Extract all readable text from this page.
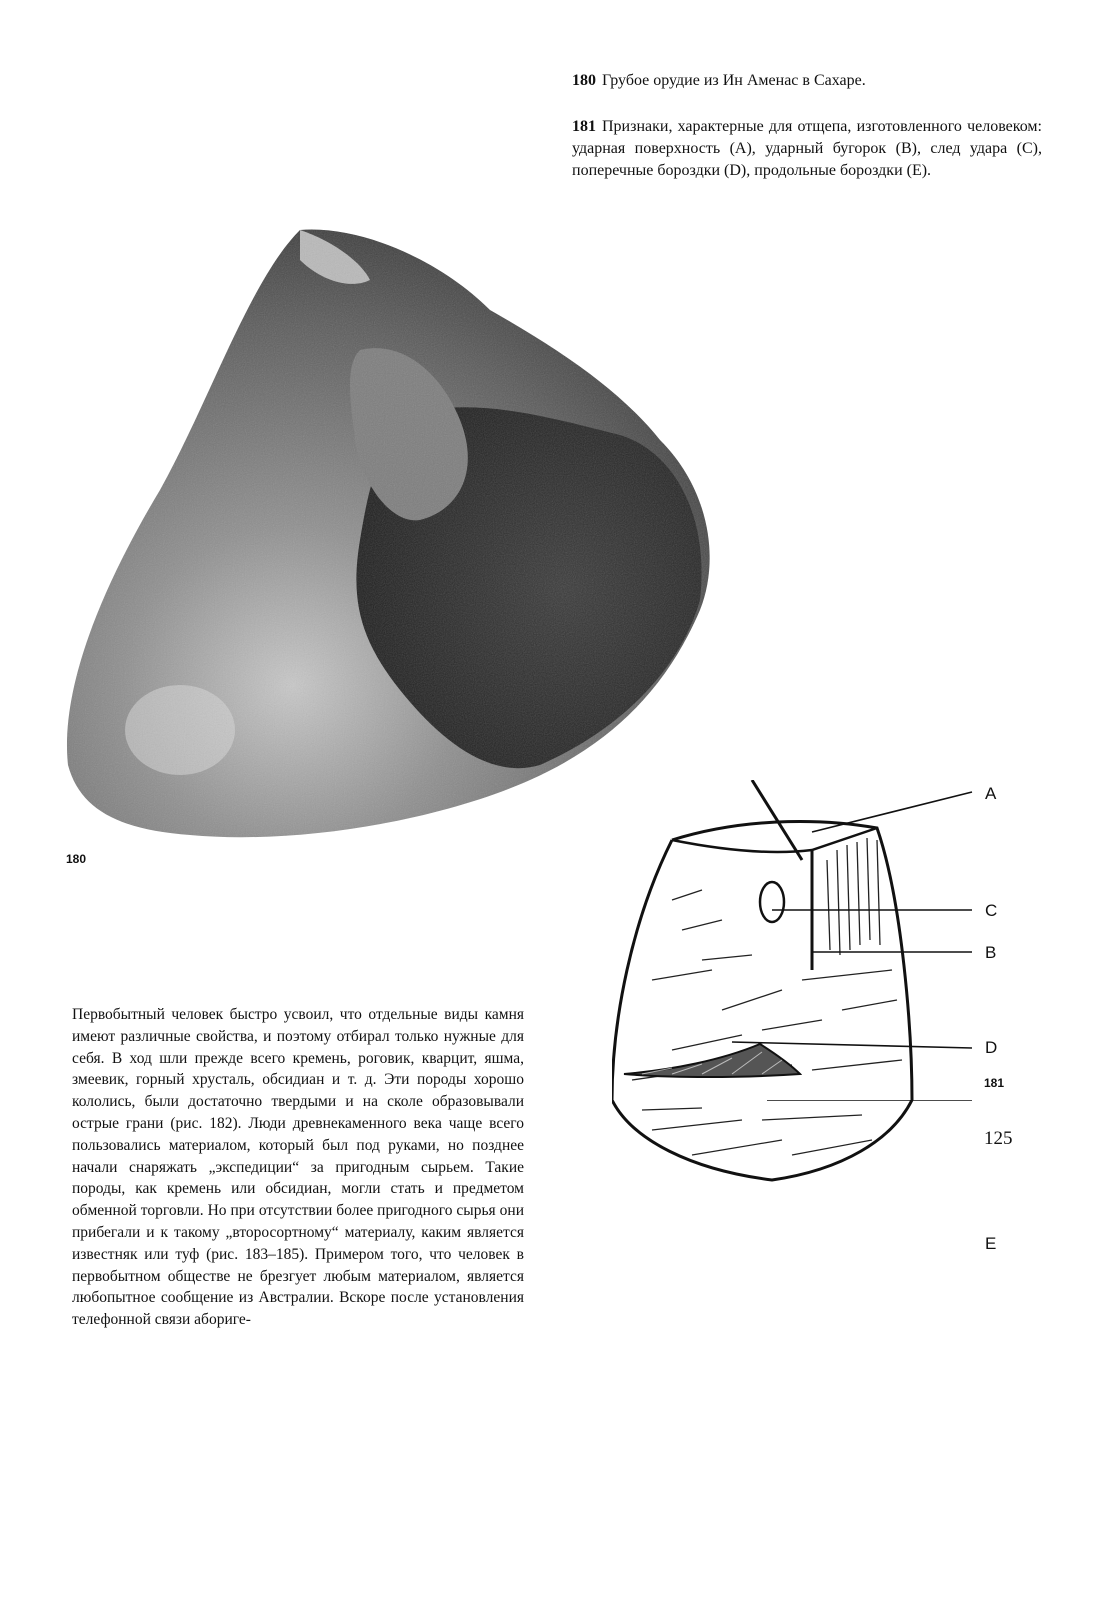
180 Грубое орудие из Ин Аменас в Сахаре.
181 Признаки, характерные для отщепа, изготовленного человеком: ударная поверхность (A), ударный бугорок (B), след удара (C), поперечные бороздки (D), продольные бороздки (E).
180
Первобытный человек быстро усвоил, что отдельные виды камня имеют различные свойства, и поэтому отбирал только нужные для себя. В ход шли прежде всего кремень, роговик, кварцит, яшма, змеевик, горный хрусталь, обсидиан и т. д. Эти породы хорошо кололись, были достаточно твердыми и на сколе образовывали острые грани (рис. 182). Люди древнекаменного века чаще всего пользовались материалом, который был под руками, но позднее начали снаряжать „экспедиции“ за пригодным сырьем. Такие породы, как кремень или обсидиан, могли стать и предметом обменной торговли. Но при отсутствии более пригодного сырья они прибегали и к такому „второсортному“ материалу, каким является известняк или туф (рис. 183–185). Примером того, что человек в первобытном обществе не брезгует любым материалом, является любопытное сообщение из Австралии. Вскоре после установления телефонной связи абориге-
A
C
B
D
E
181
125
